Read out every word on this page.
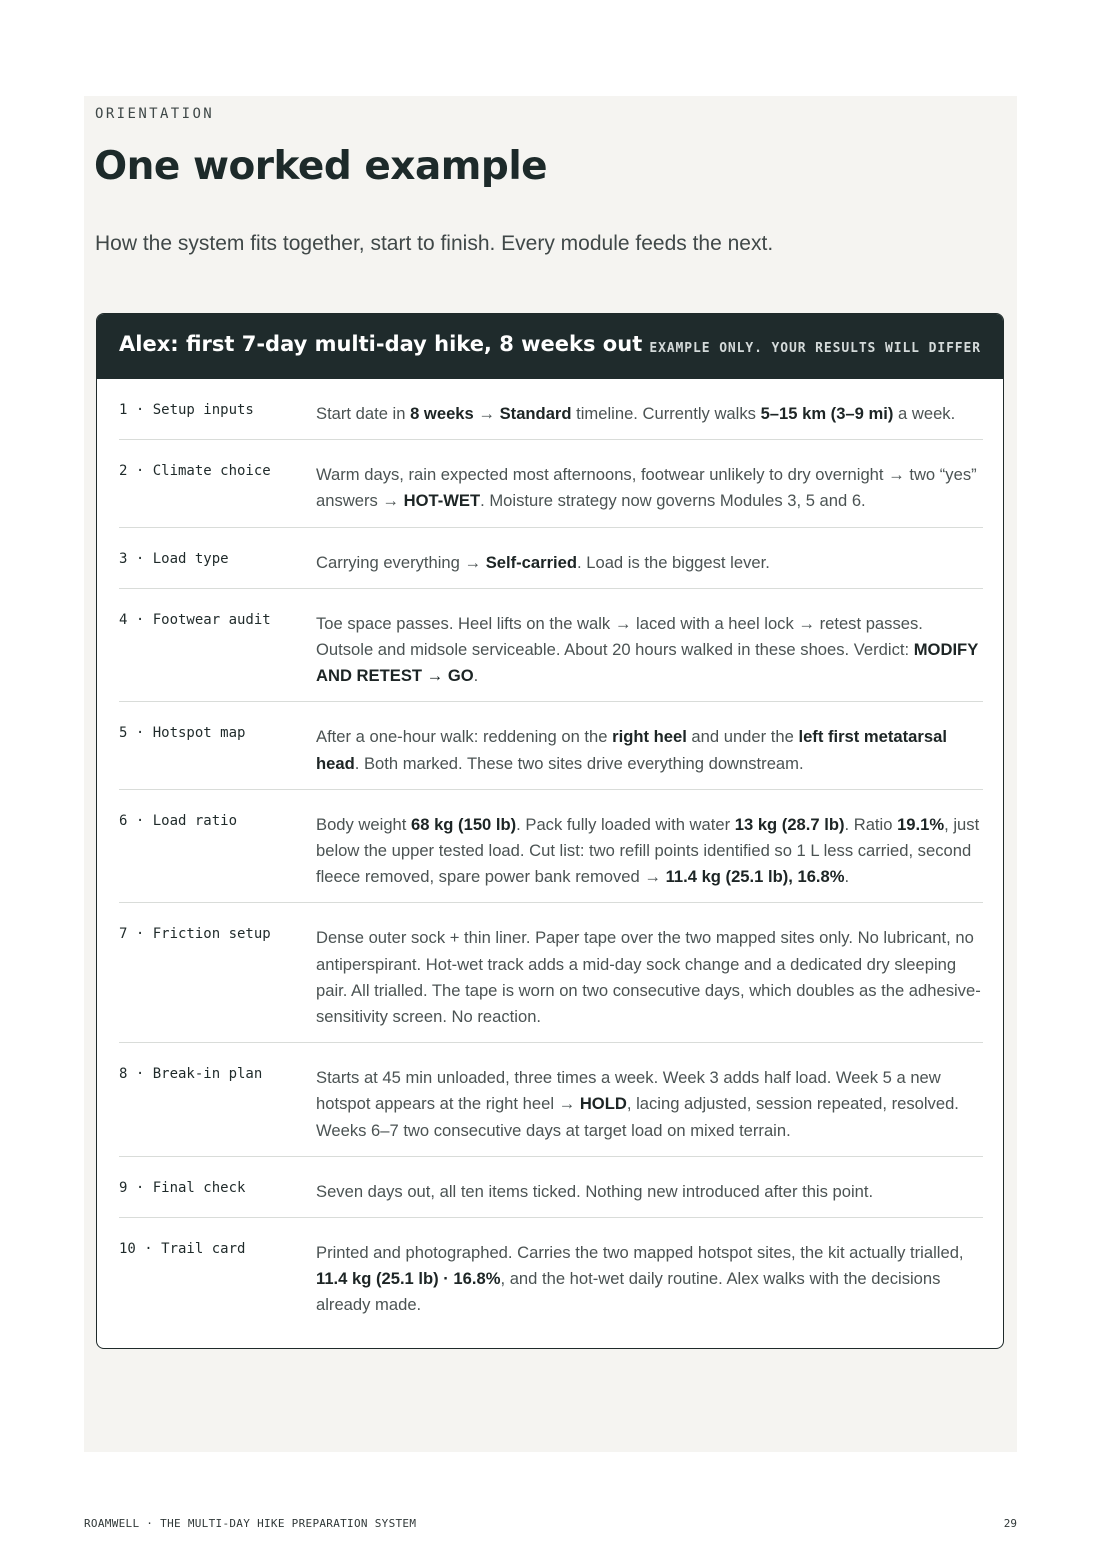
ORIENTATION
One worked example

How the system fits together, start to finish. Every module feeds the next.

Alex: first 7-day multi-day hike, 8 weeks out EXAMPLE ONLY. YOUR RESULTS WILL DIFFER
1 · Setup inputs	Start date in 8 weeks → Standard timeline. Currently walks 5–15 km (3–9 mi) a week.
2 · Climate choice	Warm days, rain expected most afternoons, footwear unlikely to dry overnight → two “yes” answers → HOT-WET. Moisture strategy now governs Modules 3, 5 and 6.
3 · Load type	Carrying everything → Self-carried. Load is the biggest lever.
4 · Footwear audit	Toe space passes. Heel lifts on the walk → laced with a heel lock → retest passes. Outsole and midsole serviceable. About 20 hours walked in these shoes. Verdict: MODIFY AND RETEST → GO.
5 · Hotspot map	After a one-hour walk: reddening on the right heel and under the left first metatarsal head. Both marked. These two sites drive everything downstream.
6 · Load ratio	Body weight 68 kg (150 lb). Pack fully loaded with water 13 kg (28.7 lb). Ratio 19.1%, just below the upper tested load. Cut list: two refill points identified so 1 L less carried, second fleece removed, spare power bank removed → 11.4 kg (25.1 lb), 16.8%.
7 · Friction setup	Dense outer sock + thin liner. Paper tape over the two mapped sites only. No lubricant, no antiperspirant. Hot-wet track adds a mid-day sock change and a dedicated dry sleeping pair. All trialled. The tape is worn on two consecutive days, which doubles as the adhesive-sensitivity screen. No reaction.
8 · Break-in plan	Starts at 45 min unloaded, three times a week. Week 3 adds half load. Week 5 a new hotspot appears at the right heel → HOLD, lacing adjusted, session repeated, resolved. Weeks 6–7 two consecutive days at target load on mixed terrain.
9 · Final check	Seven days out, all ten items ticked. Nothing new introduced after this point.
10 · Trail card	Printed and photographed. Carries the two mapped hotspot sites, the kit actually trialled, 11.4 kg (25.1 lb) · 16.8%, and the hot-wet daily routine. Alex walks with the decisions already made.
ROAMWELL · THE MULTI-DAY HIKE PREPARATION SYSTEM	29
